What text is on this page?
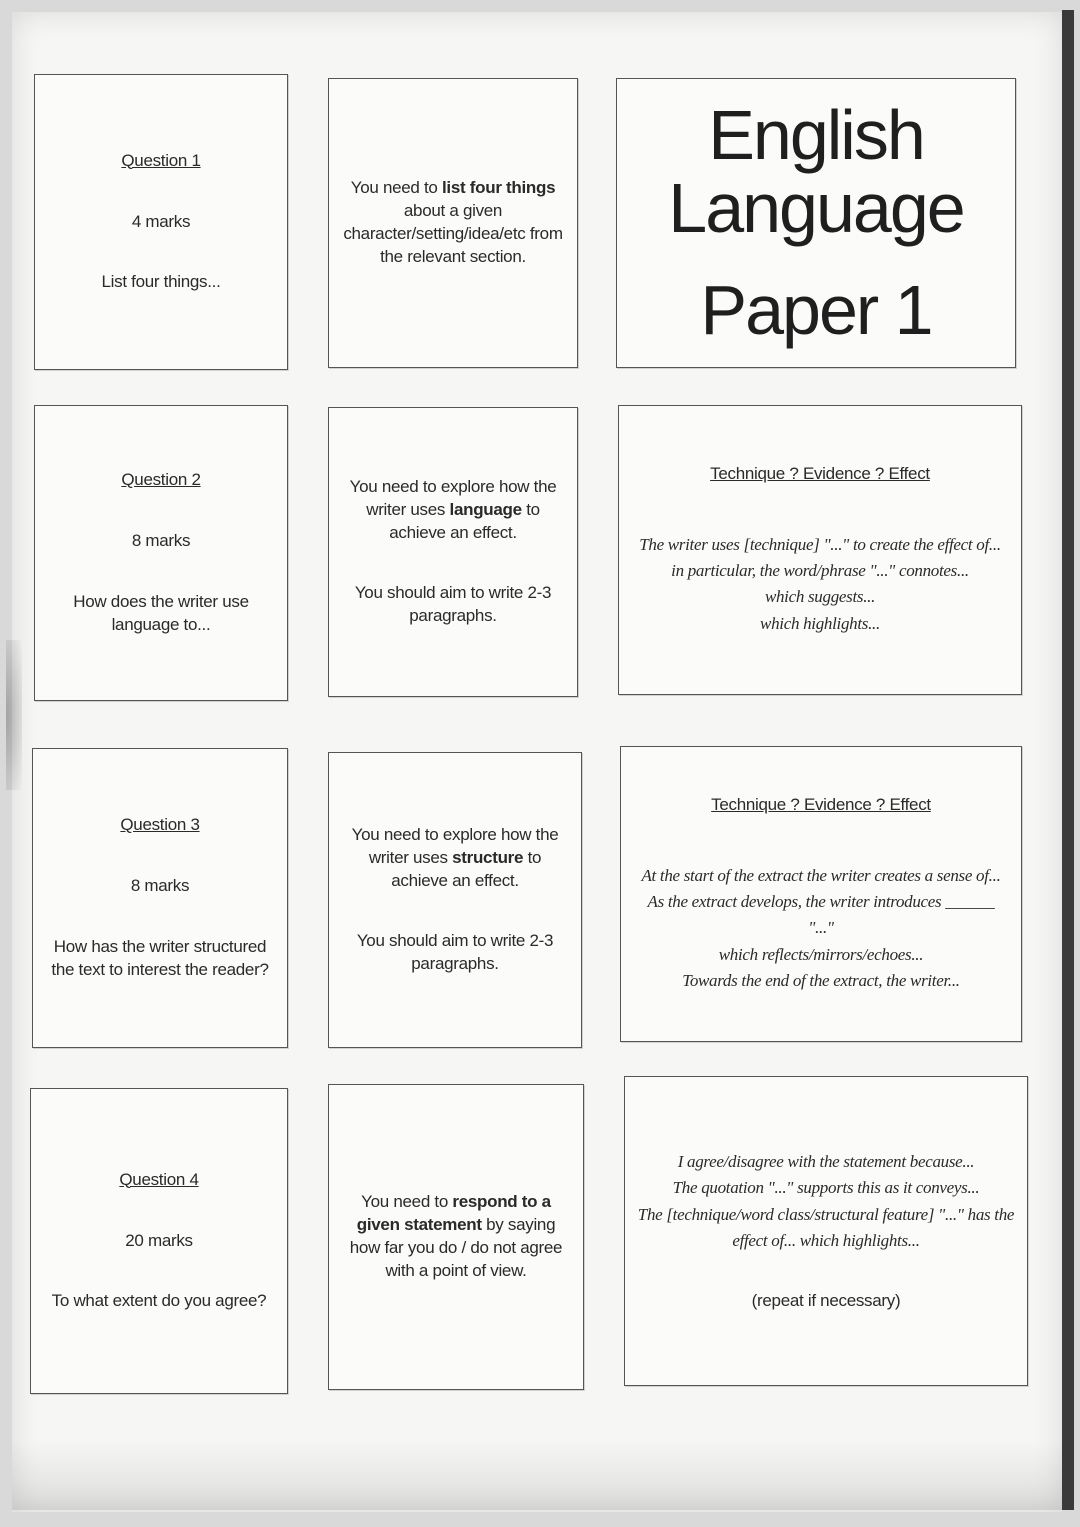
Question 1
4 marks
List four things...

You need to list four things about a given character/setting/idea/etc from the relevant section.

English Language
Paper 1
Question 2
8 marks
How does the writer use language to...

You need to explore how the writer uses language to achieve an effect.

You should aim to write 2-3 paragraphs.

Technique ? Evidence ? Effect
The writer uses [technique] "..." to create the effect of...
in particular, the word/phrase "..." connotes...
which suggests...
which highlights...
Question 3
8 marks
How has the writer structured the text to interest the reader?

You need to explore how the writer uses structure to achieve an effect.

You should aim to write 2-3 paragraphs.

Technique ? Evidence ? Effect
At the start of the extract the writer creates a sense of...
As the extract develops, the writer introduces ______ "..."
which reflects/mirrors/echoes...
Towards the end of the extract, the writer...
Question 4
20 marks
To what extent do you agree?

You need to respond to a given statement by saying how far you do / do not agree with a point of view.

I agree/disagree with the statement because...
The quotation "..." supports this as it conveys...
The [technique/word class/structural feature] "..." has the effect of... which highlights...
(repeat if necessary)
